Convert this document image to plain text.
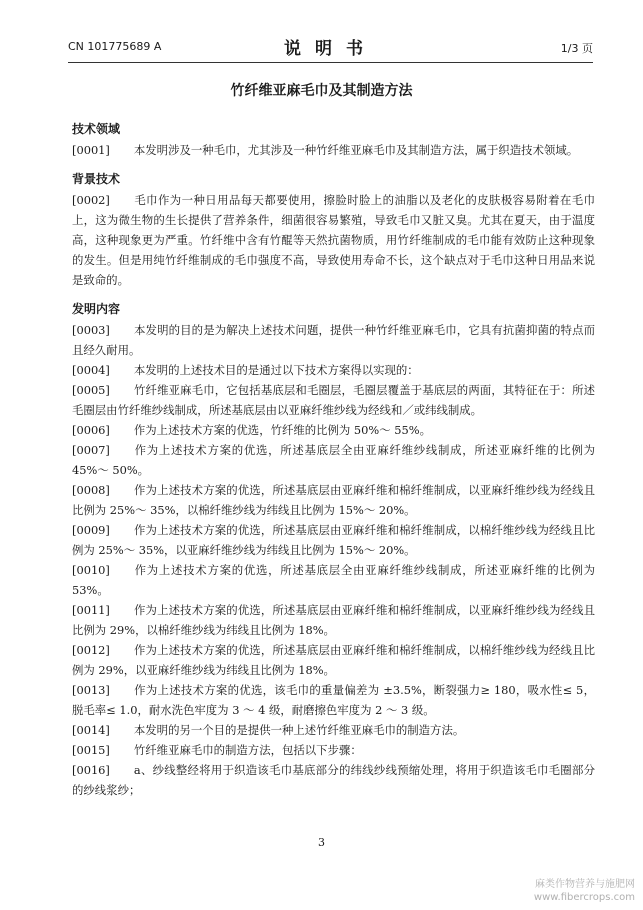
CN 101775689 A	说明书	1/3 页
竹纤维亚麻毛巾及其制造方法
技术领域

[0001] 本发明涉及一种毛巾，尤其涉及一种竹纤维亚麻毛巾及其制造方法，属于织造技术领域。

背景技术

[0002] 毛巾作为一种日用品每天都要使用，擦脸时脸上的油脂以及老化的皮肤极容易附着在毛巾上，这为微生物的生长提供了营养条件，细菌很容易繁殖，导致毛巾又脏又臭。尤其在夏天，由于温度高，这种现象更为严重。竹纤维中含有竹醌等天然抗菌物质，用竹纤维制成的毛巾能有效防止这种现象的发生。但是用纯竹纤维制成的毛巾强度不高，导致使用寿命不长，这个缺点对于毛巾这种日用品来说是致命的。

发明内容

[0003] 本发明的目的是为解决上述技术问题，提供一种竹纤维亚麻毛巾，它具有抗菌抑菌的特点而且经久耐用。

[0004] 本发明的上述技术目的是通过以下技术方案得以实现的：

[0005] 竹纤维亚麻毛巾，它包括基底层和毛圈层，毛圈层覆盖于基底层的两面，其特征在于：所述毛圈层由竹纤维纱线制成，所述基底层由以亚麻纤维纱线为经线和／或纬线制成。

[0006] 作为上述技术方案的优选，竹纤维的比例为 50%～ 55%。

[0007] 作为上述技术方案的优选，所述基底层全由亚麻纤维纱线制成，所述亚麻纤维的比例为 45%～ 50%。

[0008] 作为上述技术方案的优选，所述基底层由亚麻纤维和棉纤维制成，以亚麻纤维纱线为经线且比例为 25%～ 35%，以棉纤维纱线为纬线且比例为 15%～ 20%。

[0009] 作为上述技术方案的优选，所述基底层由亚麻纤维和棉纤维制成，以棉纤维纱线为经线且比例为 25%～ 35%，以亚麻纤维纱线为纬线且比例为 15%～ 20%。

[0010] 作为上述技术方案的优选，所述基底层全由亚麻纤维纱线制成，所述亚麻纤维的比例为 53%。

[0011] 作为上述技术方案的优选，所述基底层由亚麻纤维和棉纤维制成，以亚麻纤维纱线为经线且比例为 29%，以棉纤维纱线为纬线且比例为 18%。

[0012] 作为上述技术方案的优选，所述基底层由亚麻纤维和棉纤维制成，以棉纤维纱线为经线且比例为 29%，以亚麻纤维纱线为纬线且比例为 18%。

[0013] 作为上述技术方案的优选，该毛巾的重量偏差为 ±3.5%，断裂强力≥ 180，吸水性≤ 5，脱毛率≤ 1.0，耐水洗色牢度为 3 ～ 4 级，耐磨擦色牢度为 2 ～ 3 级。

[0014] 本发明的另一个目的是提供一种上述竹纤维亚麻毛巾的制造方法。

[0015] 竹纤维亚麻毛巾的制造方法，包括以下步骤：

[0016] a、纱线整经将用于织造该毛巾基底部分的纬线纱线预缩处理，将用于织造该毛巾毛圈部分的纱线浆纱；

3
麻类作物营养与施肥网
www.fibercrops.com
